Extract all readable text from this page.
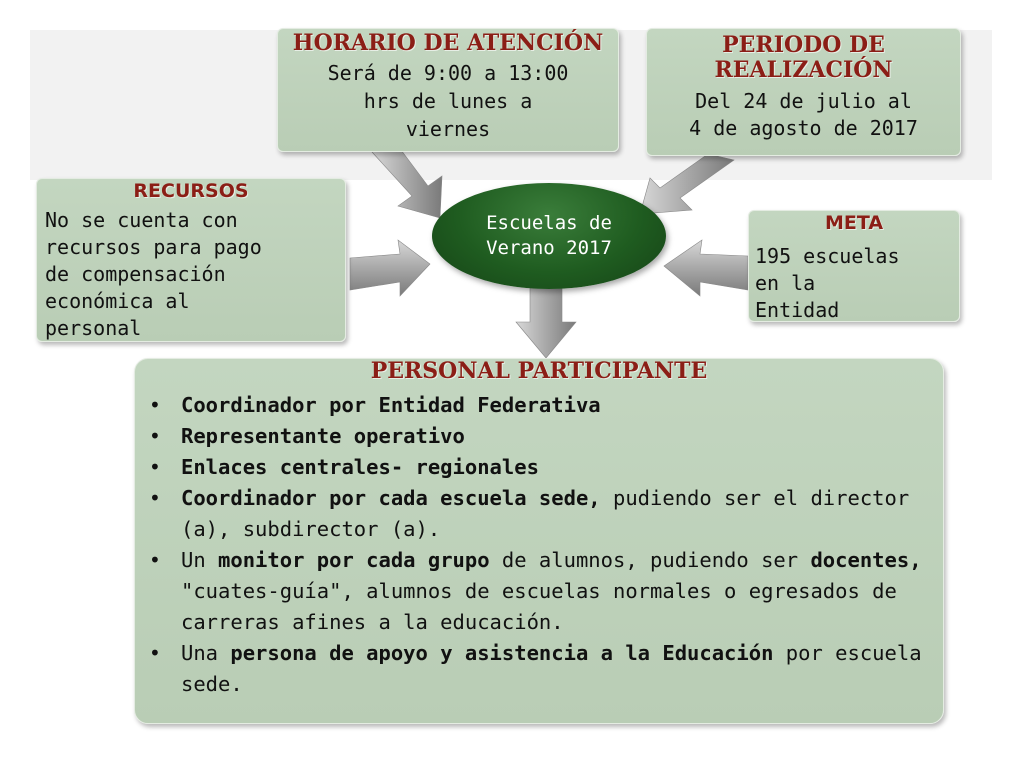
HORARIO DE ATENCIÓN

Será de 9:00 a 13:00
hrs de lunes a
viernes

PERIODO DE
REALIZACIÓN

Del 24 de julio al
4 de agosto de 2017

RECURSOS

No se cuenta con
recursos para pago
de compensación
económica al
personal

META

195 escuelas
en la
Entidad
Escuelas de
Verano 2017

PERSONAL PARTICIPANTE

• Coordinador por Entidad Federativa
• Representante operativo
• Enlaces centrales- regionales
• Coordinador por cada escuela sede, pudiendo ser el director (a), subdirector (a).
• Un monitor por cada grupo de alumnos, pudiendo ser docentes, "cuates-guía", alumnos de escuelas normales o egresados de carreras afines a la educación.
• Una persona de apoyo y asistencia a la Educación por escuela sede.
